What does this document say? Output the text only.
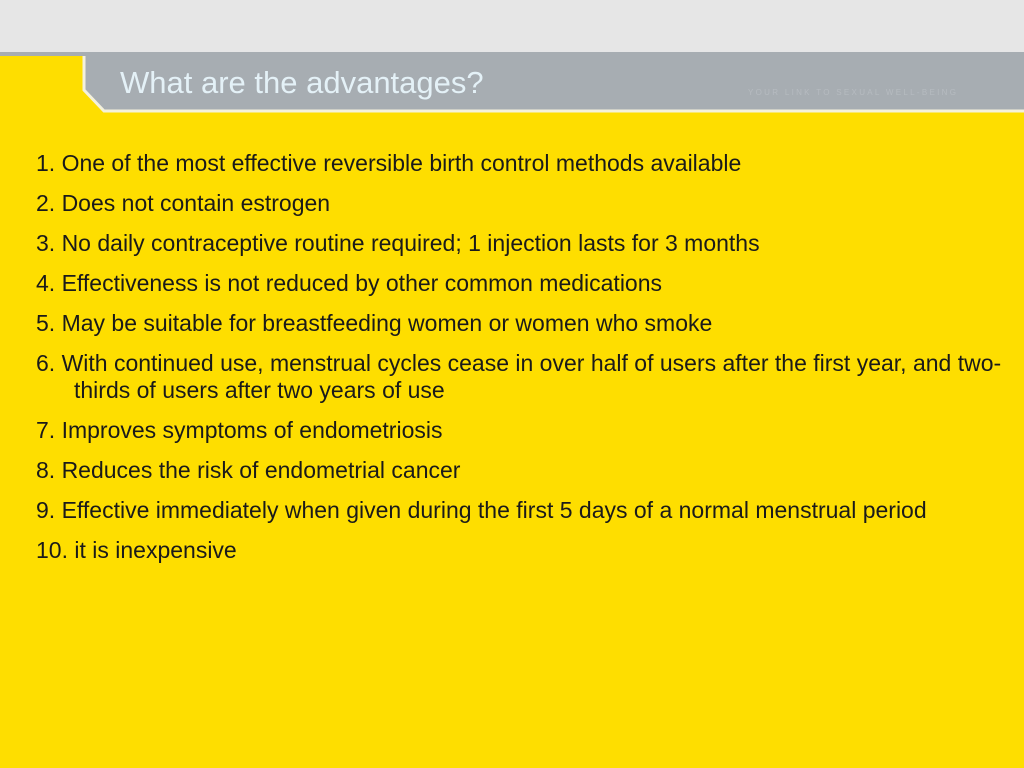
What are the advantages?	YOUR LINK TO SEXUAL WELL-BEING
1. One of the most effective reversible birth control methods available
2. Does not contain estrogen
3. No daily contraceptive routine required; 1 injection lasts for 3 months
4. Effectiveness is not reduced by other common medications
5. May be suitable for breastfeeding women or women who smoke
6. With continued use, menstrual cycles cease in over half of users after the first year, and two-thirds of users after two years of use
7. Improves symptoms of endometriosis
8. Reduces the risk of endometrial cancer
9. Effective immediately when given during the first 5 days of a normal menstrual period
10. it is inexpensive
